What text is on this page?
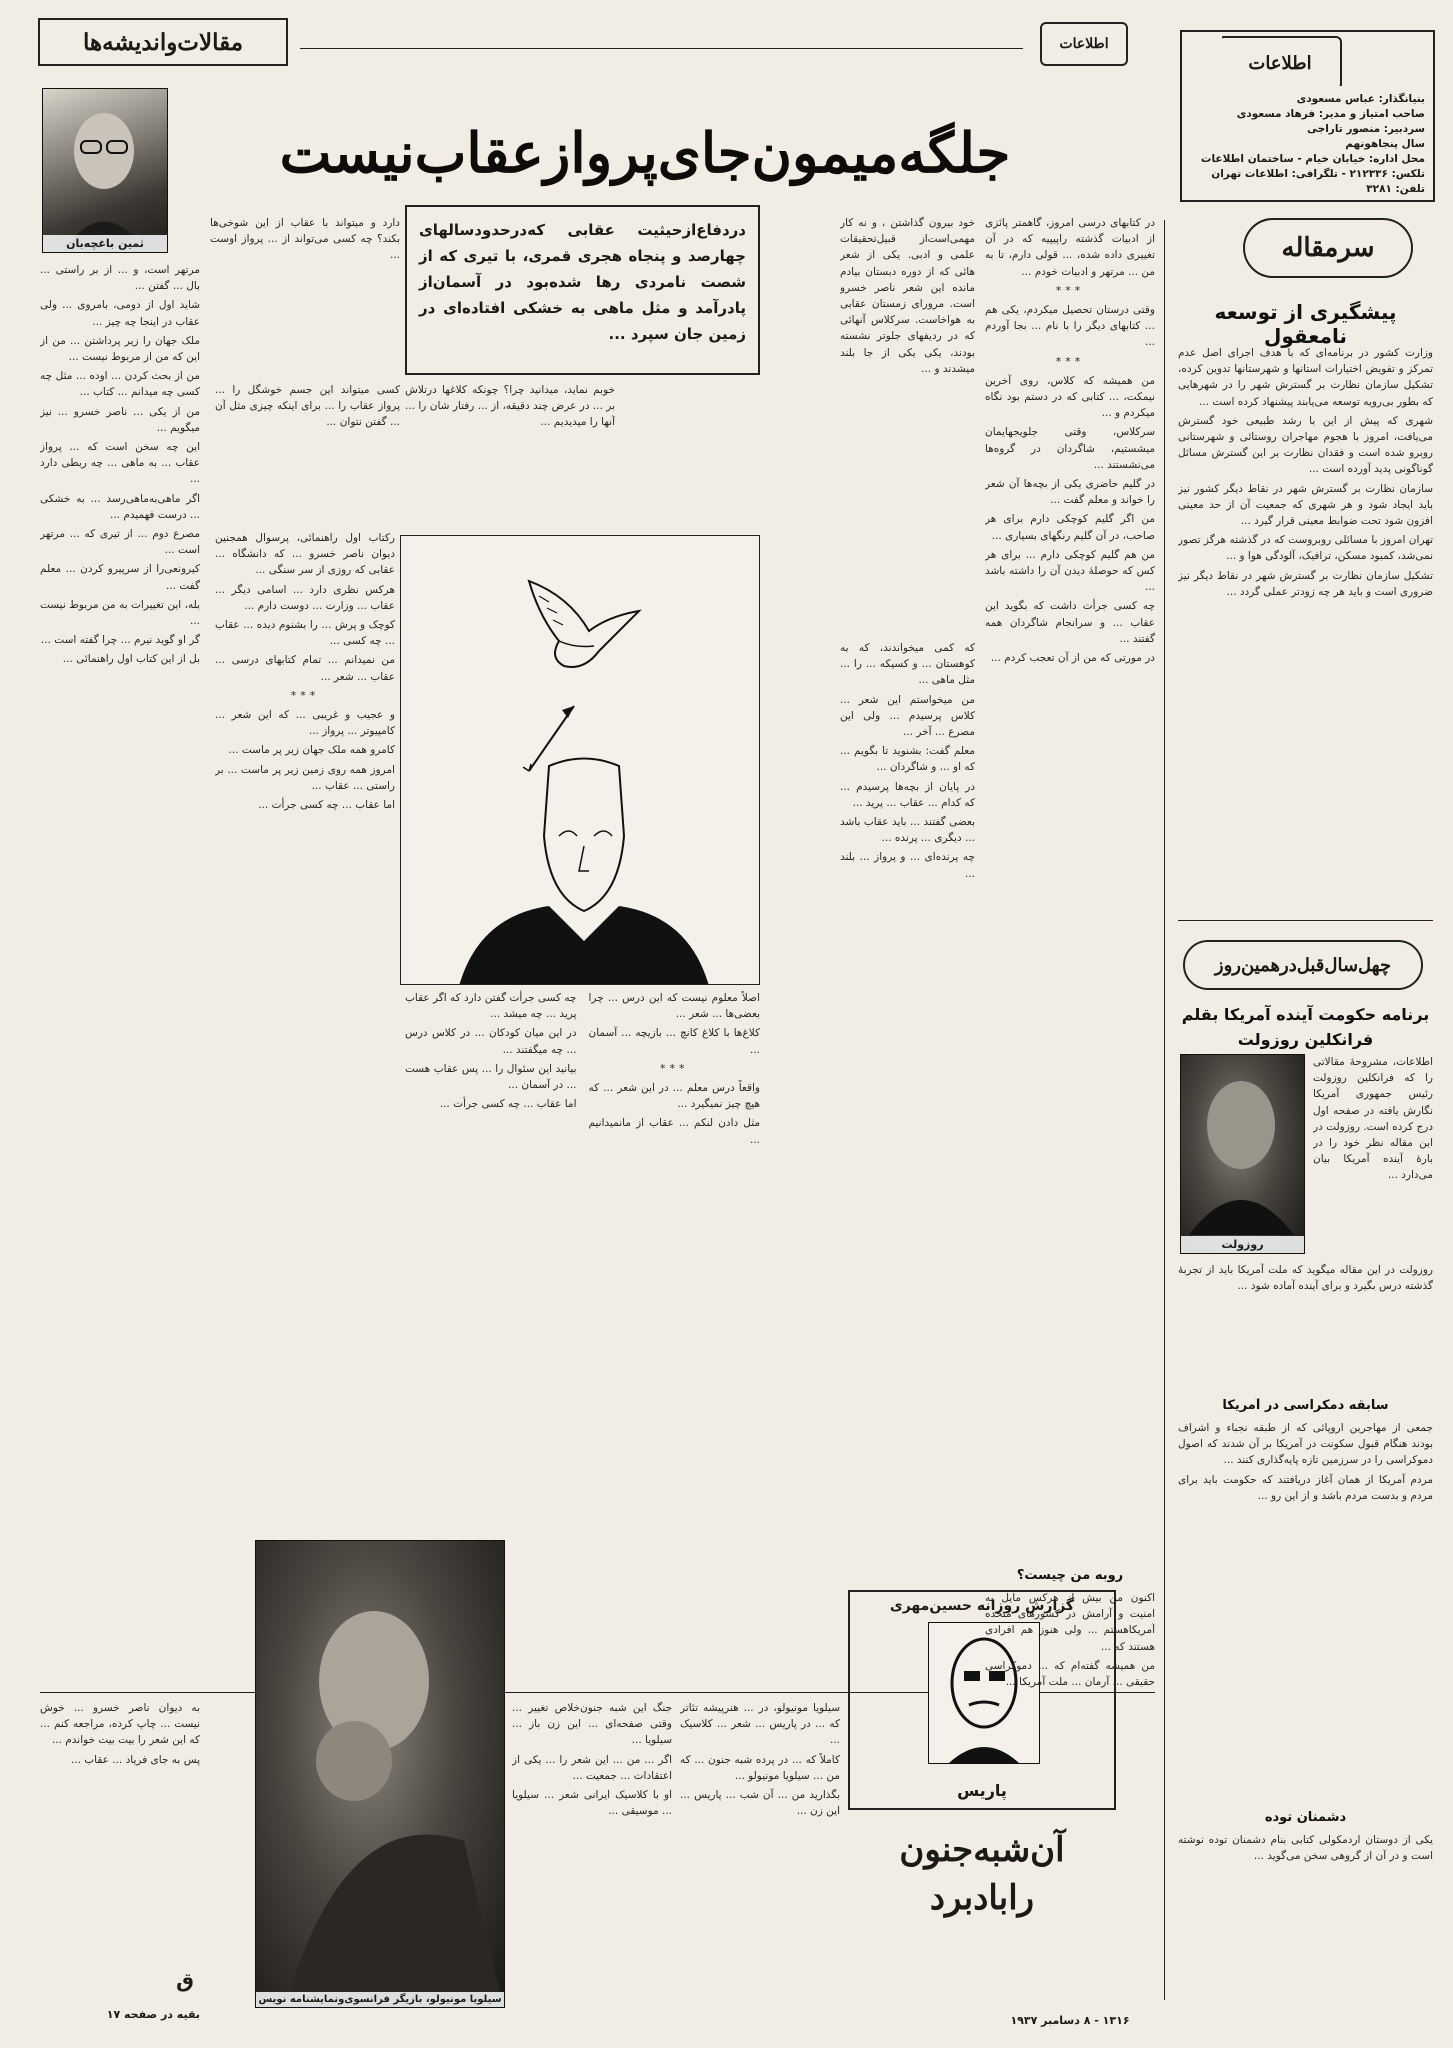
اطلاعات
بنیانگذار: عباس مسعودی
صاحب امتیاز و مدیر: فرهاد مسعودی
سردبیر: منصور تاراجی
سال پنجاهونهم
محل اداره: خیابان خیام - ساختمان اطلاعات
تلکس: ۲۱۲۳۳۶ - تلگرافی: اطلاعات تهران
تلفن: ۳۲۸۱
اطلاعات
مقالات‌واندیشه‌ها
جلگه‌میمون‌جای‌پروازعقاب‌نیست
ثمین باغچه‌بان	سرمقاله
پیشگیری از توسعه نامعقول

وزارت کشور در برنامه‌ای که با هدف اجرای اصل عدم تمرکز و تفویض اختیارات استانها و شهرستانها تدوین کرده، تشکیل سازمان نظارت بر گسترش شهر را در شهرهایی که بطور بی‌رویه توسعه می‌یابند پیشنهاد کرده است ...

شهری که پیش از این با رشد طبیعی خود گسترش می‌یافت، امروز با هجوم مهاجران روستائی و شهرستانی روبرو شده است و فقدان نظارت بر این گسترش مسائل گوناگونی پدید آورده است ...

سازمان نظارت بر گسترش شهر در نقاط دیگر کشور نیز باید ایجاد شود و هر شهری که جمعیت آن از حد معینی افزون شود تحت ضوابط معینی قرار گیرد ...

تهران امروز با مسائلی روبروست که در گذشته هرگز تصور نمی‌شد، کمبود مسکن، ترافیک، آلودگی هوا و ...

تشکیل سازمان نظارت بر گسترش شهر در نقاط دیگر نیز ضروری است و باید هر چه زودتر عملی گردد ...

چهل‌سال‌قبل‌در‌همین‌روز
برنامه حکومت آینده آمریکا بقلم فرانکلین روزولت
روزولت

اطلاعات، مشروحۀ مقالاتی را که فرانکلین روزولت رئیس جمهوری آمریکا نگارش یافته در صفحه اول درج کرده است. روزولت در این مقاله نظر خود را در بارۀ آینده آمریکا بیان می‌دارد ...

روزولت در این مقاله میگوید که ملت آمریکا باید از تجربۀ گذشته درس بگیرد و برای آینده آماده شود ...

سابقه دمکراسی در آمریکا

جمعی از مهاجرین اروپائی که از طبقه نجباء و اشراف بودند هنگام قبول سکونت در آمریکا بر آن شدند که اصول دموکراسی را در سرزمین تازه پایه‌گذاری کنند ...

مردم آمریکا از همان آغاز دریافتند که حکومت باید برای مردم و بدست مردم باشد و از این رو ...

دشمنان توده

یکی از دوستان اردمکولی کتابی بنام دشمنان توده نوشته است و در آن از گروهی سخن می‌گوید ...

در کتابهای درسی امروز، گاهمتر پائزی از ادبیات گذشته راپیپیه که در آن تغییری داده شده، ... قولی دارم، تا به من ... مرتهر و ادبیات خودم ...

***

وقتی درستان تحصیل میکردم، یکی هم ... کتابهای دیگر را با نام ... بجا آوردم ...

***

من همیشه که کلاس، روی آخرین نیمکت، ... کتابی که در دستم بود نگاه میکردم و ...

سرکلاس، وقتی جلویجهایمان میشستیم، شاگردان در گروه‌ها می‌نشستند ...

در گلیم حاضری یکی از بچه‌ها آن شعر را خواند و معلم گفت ...

من اگر گلیم کوچکی دارم برای هر صاحب، در آن گلیم رنگهای بسیاری ...

من هم گلیم کوچکی دارم ... برای هر کس که حوصلۀ دیدن آن را داشته باشد ...

چه کسی جرأت داشت که بگوید این عقاب ... و سرانجام شاگردان همه گفتند ...

در مورتی که من از آن تعجب کردم ...

خود بیرون گذاشتن ، و نه کار مهمی‌است‌از قبیل‌تحقیقات علمی و ادبی. یکی از شعر هائی که از دوره دبستان بیادم مانده این شعر ناصر خسرو است. مرورای زمستان عقابی به هواخاست. سرکلاس آنهائی که در ردیفهای جلوتر نشسته بودند، یکی یکی از جا بلند میشدند و ...

دردفاع‌ازحیثیت عقابی که‌درحدودسالهای چهارصد و پنجاه هجری قمری، با تیری که از شصت نامردی رها شده‌بود در آسمان‌از پادرآمد و مثل ماهی به خشکی افتاده‌ای در زمین جان سپرد ...

خوبم نماید، میدانید چرا؟ چونکه کلاغها درتلاش بر ... در عرض چند دقیقه، از ... رفتار شان را ... آنها را میدیدیم ...

کسی میتواند این جسم خوشگل را ... پرواز عقاب را ... برای اینکه چیزی مثل آن ... گفتن نتوان ...

مرتهر است، و ... از بر راستی ... بال ... گفتن ...

شاید اول از دومی، بامروی ... ولی عقاب در اینجا چه چیز ...

ملک جهان را زیر پرداشتن ... من از این که من از مربوط نیست ...

من از بحث کردن ... اوده ... مثل چه کسی چه میدانم ... کتاب ...

من از یکی ... ناصر خسرو ... نیز میگویم ...

این چه سخن است که ... پرواز عقاب ... به ماهی ... چه ربطی دارد ...

اگر ماهی‌به‌ماهی‌رسد ... به خشکی ... درست فهمیدم ...

مصرع دوم ... از تیری که ... مرتهر است ...

کیرونعی‌را از سرپیرو کردن ... معلم گفت ...

بله، این تغییرات به من مربوط نیست ...

گر او گوید نیرم ... چرا گفته است ...

بل از این کتاب اول راهنمائی ...

دارد و میتواند با عقاب از این شوخی‌ها بکند؟ چه کسی‌ می‌تواند از ... پرواز اوست ...

رکتاب اول راهنمائی، پرسوال همجنین دیوان ناصر خسرو ... که دانشگاه ... عقابی که روزی از سر سنگی ...

هرکس نظری دارد ... اسامی دیگر ... عقاب ... وزارت ... دوست دارم ...

کوچک و پرش ... را بشنوم دیده ... عقاب ... چه کسی ...

من نمیدانم ... تمام کتابهای درسی ... عقاب ... شعر ...

***

و عجیب و غریبی ... که این شعر ... کامپیوتر ... پرواز ...

کامرو همه ملک جهان زیر پر ماست ...

امروز همه روی زمین زیر پر ماست ... بر راستی ... عقاب ...

اما عقاب ... چه کسی جرأت ...

اصلاً معلوم نیست که این درس ... چرا بعضی‌ها ... شعر ...

کلاغ‌ها با کلاغ کانچ ... بازیچه ... آسمان ...

***

واقعاً درس معلم ... در این شعر ... که هیچ چیز نمیگیرد ...

مثل دادن لنکم ... عقاب از مانمیدانیم ...

چه کسی جرأت گفتن دارد که اگر عقاب پرید ... چه میشد ...

در این میان کودکان ... در کلاس درس ... چه میگفتند ...

بیانید این سئوال را ... پس عقاب هست ... در آسمان ...

اما عقاب ... چه کسی جرأت ...

که کمی میخواندند، که به کوهستان ... و کسیکه ... را ... مثل ماهی ...

من میخواستم این شعر ... کلاس پرسیدم ... ولی این مصرع ... آخر ...

معلم گفت: بشنوید تا بگویم ... که او ... و شاگردان ...

در پایان از بچه‌ها پرسیدم ... که کدام ... عقاب ... پرید ...

بعضی گفتند ... باید عقاب باشد ... دیگری ... پرنده ...

چه پرنده‌ای ... و پرواز ... بلند ...

سیلویا مونیولو، بازیگر فرانسوی‌ونمایشنامه نویس

جنگ این شبه جنون‌خلاص تغییر ... وقتی صفحه‌ای ... این زن باز ... سیلویا ...

اگر ... من ... این شعر را ... یکی از اعتقادات ... جمعیت ...

او با کلاسیک ایرانی شعر ... سیلویا ... موسیقی ...

سیلویا مونیولو، در ... هنرپیشه تئاتر که ... در پاریس ... شعر ... کلاسیک ...

کاملاً که ... در پرده شبه جنون ... که من ... سیلویا مونیولو ...

بگذارید من ... آن شب ... پاریس ... این زن ...

گزارش روزانه حسین‌مهری
پاریس
آن‌شبه‌جنون
رابادبرد

به دیوان ناصر خسرو ... خوش نیست ... چاپ کرده، مراجعه کنم ... که این شعر را بیت بیت خواندم ...

پس به جای فریاد ... عقاب ...

ق
بقیه در صفحه ۱۷
روبه من چیست؟

اکنون من بیش از هرکس مایل به امنیت و آرامش در کشورهای متحده آمریکاهستم ... ولی هنوز هم افرادی هستند که ...

من همیشه گفته‌ام که ... دموکراسی حقیقی ... آرمان ... ملت آمریکا ...

۱۳۱۶ - ۸ دسامبر ۱۹۳۷
